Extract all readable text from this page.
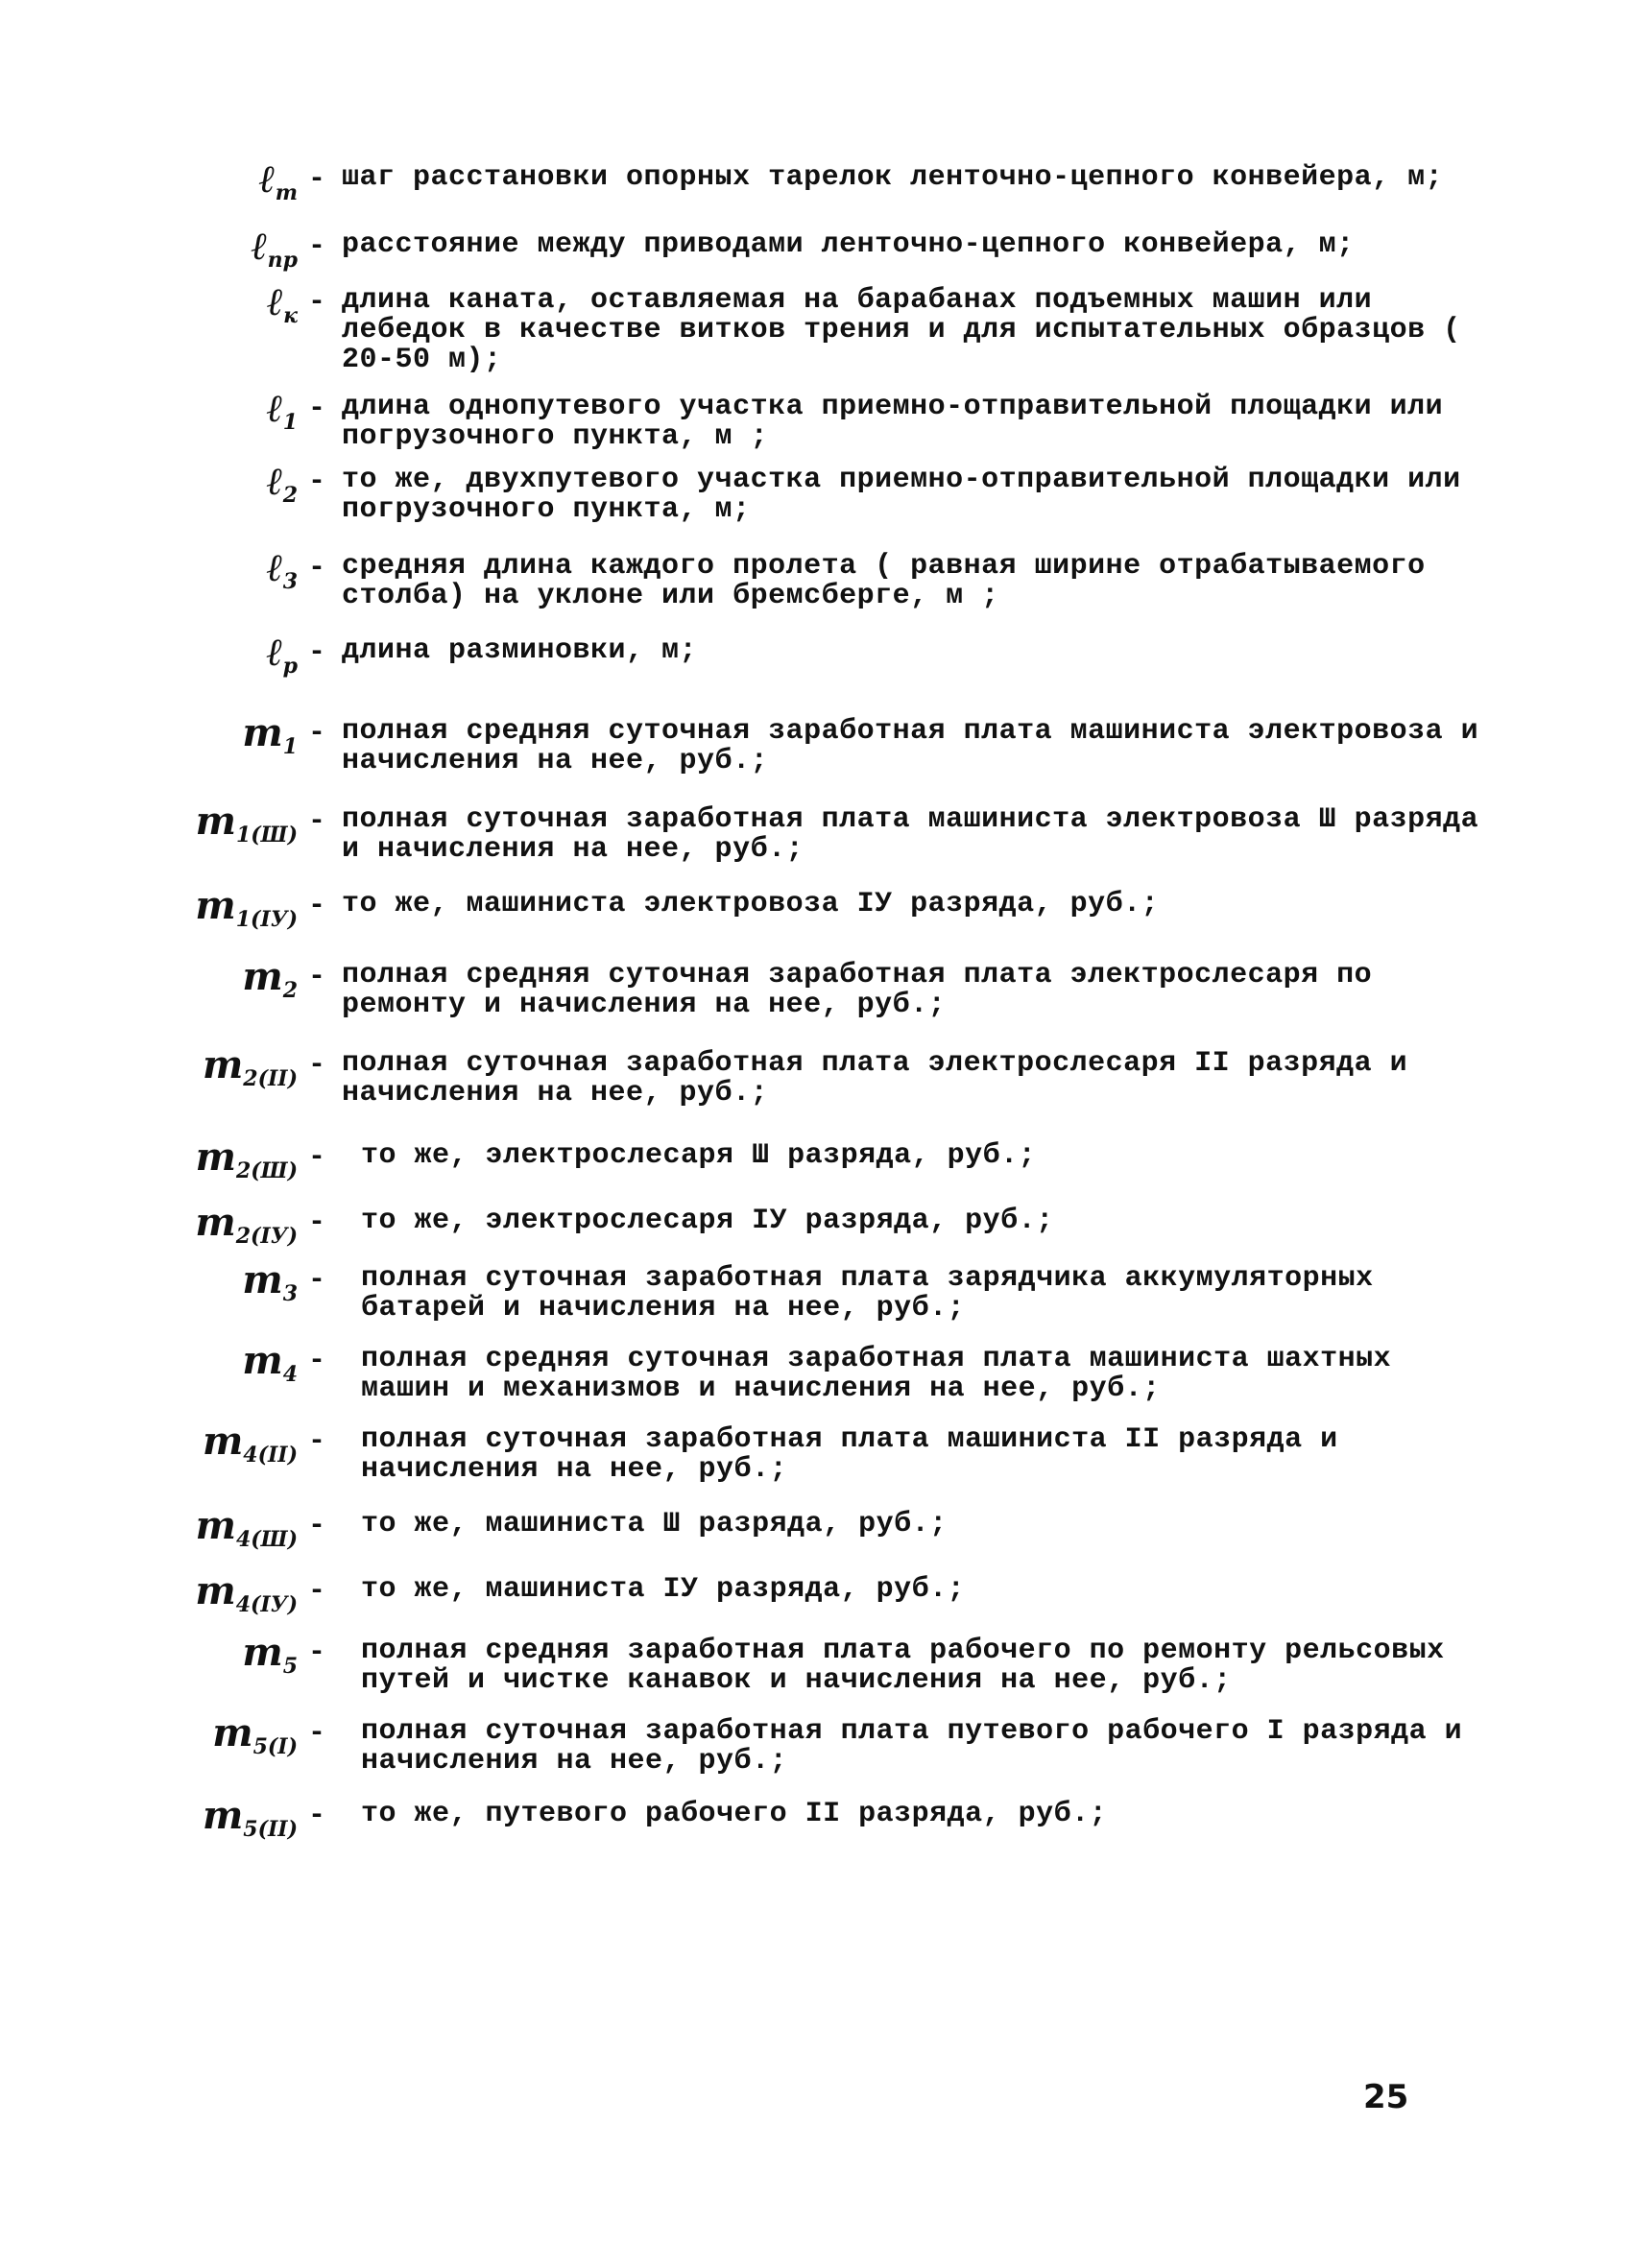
ℓ$_m$ - шаг расстановки опорных тарелок ленточно-цепного конвейера, м;
ℓ$_{пр}$ - расстояние между приводами ленточно-цепного конвейера, м;
ℓ$_к$ - длина каната, оставляемая на барабанах подъемных машин или лебедок в качестве витков трения и для испытательных образцов ( 20-50 м);
ℓ$_1$ - длина однопутевого участка приемно-отправительной площадки или погрузочного пункта, м ;
ℓ$_2$ - то же, двухпутевого участка приемно-отправительной площадки или погрузочного пункта, м;
ℓ$_3$ - средняя длина каждого пролета ( равная ширине отрабатываемого столба) на уклоне или бремсберге, м ;
ℓ$_р$ - длина разминовки, м;
$m_1$ - полная средняя суточная заработная плата машиниста электровоза и начисления на нее, руб.;
$m_{1(Ш)}$ - полная суточная заработная плата машиниста электровоза Ш разряда и начисления на нее, руб.;
$m_{1(IУ)}$ - то же, машиниста электровоза IУ разряда, руб.;
$m_2$ - полная средняя суточная заработная плата электрослесаря по ремонту и начисления на нее, руб.;
$m_{2(II)}$ - полная суточная заработная плата электрослесаря II разряда и начисления на нее, руб.;
$m_{2(Ш)}$ -	то же, электрослесаря Ш разряда, руб.;
$m_{2(IУ)}$ -	то же, электрослесаря IУ разряда, руб.;
$m_3$ -	полная суточная заработная плата зарядчика аккумуляторных батарей и начисления на нее, руб.;
$m_4$ -	полная средняя суточная заработная плата машиниста шахтных машин и механизмов и начисления на нее, руб.;
$m_{4(II)}$ -	полная суточная заработная плата машиниста II разряда и начисления на нее, руб.;
$m_{4(Ш)}$ -	то же, машиниста Ш разряда, руб.;
$m_{4(IУ)}$ -	то же, машиниста IУ разряда, руб.;
$m_5$ -	полная средняя заработная плата рабочего по ремонту рельсовых путей и чистке канавок и начисления на нее, руб.;
$m_{5(I)}$ -	полная суточная заработная плата путевого рабочего I разряда и начисления на нее, руб.;
$m_{5(II)}$ -	то же, путевого рабочего II разряда, руб.;
25
